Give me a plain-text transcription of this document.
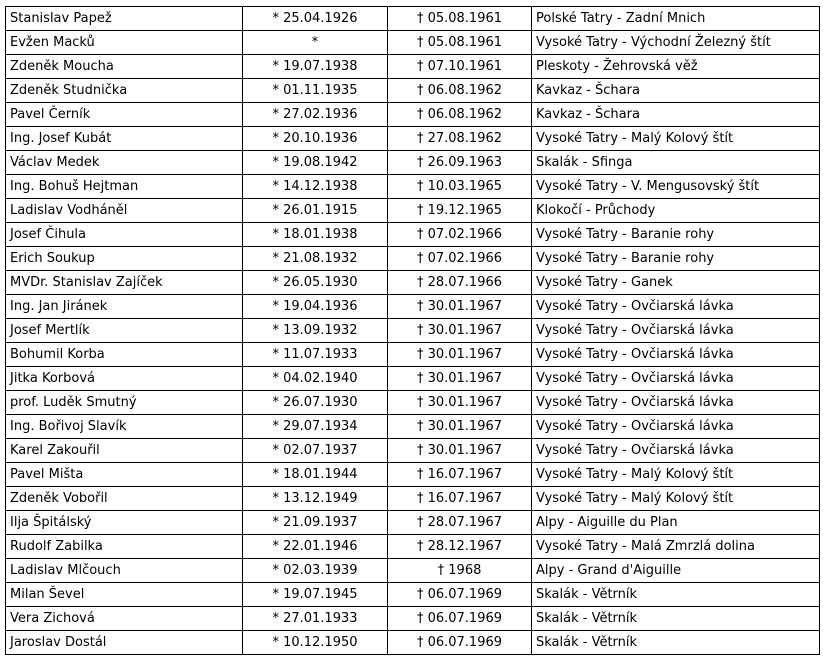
Stanislav Papež	* 25.04.1926	† 05.08.1961	Polské Tatry - Zadní Mnich
Evžen Macků	*	† 05.08.1961	Vysoké Tatry - Východní Železný štít
Zdeněk Moucha	* 19.07.1938	† 07.10.1961	Pleskoty - Žehrovská věž
Zdeněk Studnička	* 01.11.1935	† 06.08.1962	Kavkaz - Šchara
Pavel Černík	* 27.02.1936	† 06.08.1962	Kavkaz - Šchara
Ing. Josef Kubát	* 20.10.1936	† 27.08.1962	Vysoké Tatry - Malý Kolový štít
Václav Medek	* 19.08.1942	† 26.09.1963	Skalák - Sfinga
Ing. Bohuš Hejtman	* 14.12.1938	† 10.03.1965	Vysoké Tatry - V. Mengusovský štít
Ladislav Vodháněl	* 26.01.1915	† 19.12.1965	Klokočí - Průchody
Josef Čihula	* 18.01.1938	† 07.02.1966	Vysoké Tatry - Baranie rohy
Erich Soukup	* 21.08.1932	† 07.02.1966	Vysoké Tatry - Baranie rohy
MVDr. Stanislav Zajíček	* 26.05.1930	† 28.07.1966	Vysoké Tatry - Ganek
Ing. Jan Jiránek	* 19.04.1936	† 30.01.1967	Vysoké Tatry - Ovčiarská lávka
Josef Mertlík	* 13.09.1932	† 30.01.1967	Vysoké Tatry - Ovčiarská lávka
Bohumil Korba	* 11.07.1933	† 30.01.1967	Vysoké Tatry - Ovčiarská lávka
Jitka Korbová	* 04.02.1940	† 30.01.1967	Vysoké Tatry - Ovčiarská lávka
prof. Luděk Smutný	* 26.07.1930	† 30.01.1967	Vysoké Tatry - Ovčiarská lávka
Ing. Bořivoj Slavík	* 29.07.1934	† 30.01.1967	Vysoké Tatry - Ovčiarská lávka
Karel Zakouřil	* 02.07.1937	† 30.01.1967	Vysoké Tatry - Ovčiarská lávka
Pavel Mišta	* 18.01.1944	† 16.07.1967	Vysoké Tatry - Malý Kolový štít
Zdeněk Vobořil	* 13.12.1949	† 16.07.1967	Vysoké Tatry - Malý Kolový štít
Ilja Špitálský	* 21.09.1937	† 28.07.1967	Alpy - Aiguille du Plan
Rudolf Zabilka	* 22.01.1946	† 28.12.1967	Vysoké Tatry - Malá Zmrzlá dolina
Ladislav Mlčouch	* 02.03.1939	† 1968	Alpy - Grand d'Aiguille
Milan Ševel	* 19.07.1945	† 06.07.1969	Skalák - Větrník
Vera Zichová	* 27.01.1933	† 06.07.1969	Skalák - Větrník
Jaroslav Dostál	* 10.12.1950	† 06.07.1969	Skalák - Větrník
